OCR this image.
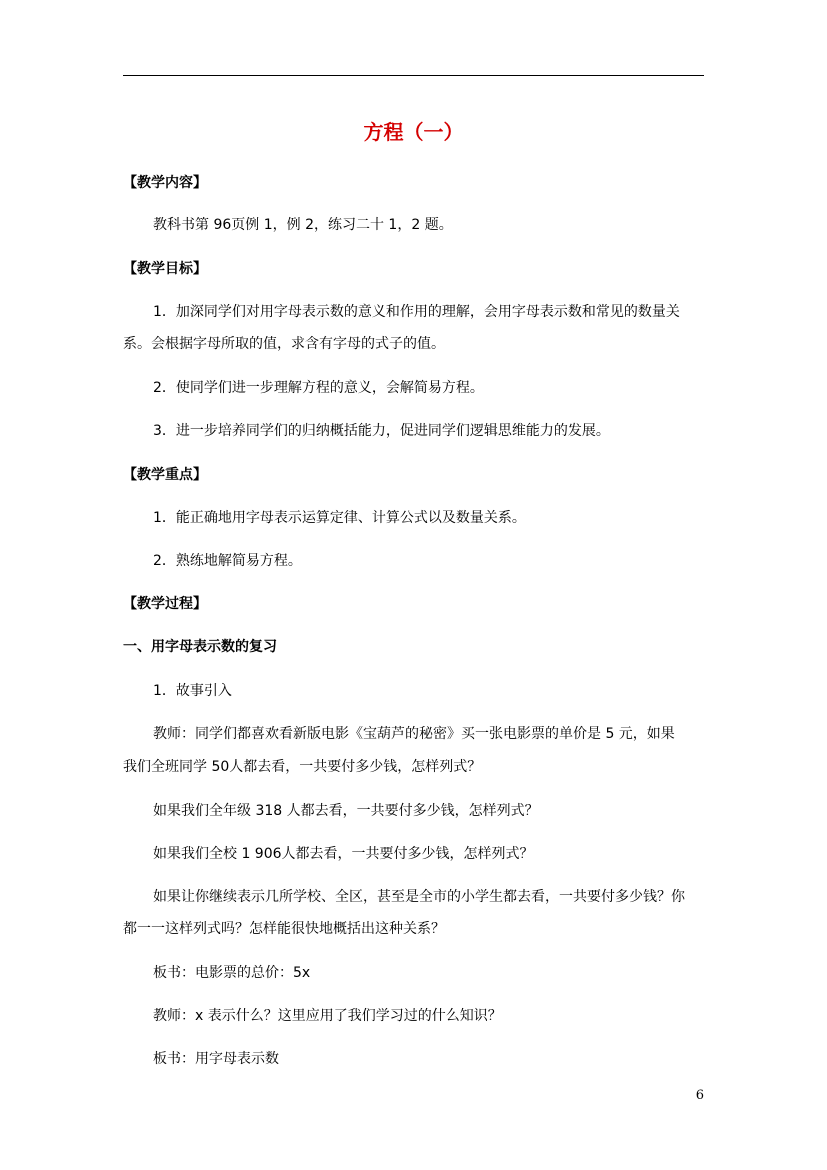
方程（一）
【教学内容】
教科书第 96页例 1，例 2，练习二十 1，2 题。
【教学目标】
1．加深同学们对用字母表示数的意义和作用的理解，会用字母表示数和常见的数量关
系。会根据字母所取的值，求含有字母的式子的值。
2．使同学们进一步理解方程的意义，会解简易方程。
3．进一步培养同学们的归纳概括能力，促进同学们逻辑思维能力的发展。
【教学重点】
1．能正确地用字母表示运算定律、计算公式以及数量关系。
2．熟练地解简易方程。
【教学过程】
一、用字母表示数的复习
1．故事引入
教师：同学们都喜欢看新版电影《宝葫芦的秘密》买一张电影票的单价是 5 元，如果
我们全班同学 50人都去看，一共要付多少钱，怎样列式？
如果我们全年级 318 人都去看，一共要付多少钱，怎样列式？
如果我们全校 1 906人都去看，一共要付多少钱，怎样列式？
如果让你继续表示几所学校、全区，甚至是全市的小学生都去看，一共要付多少钱？你
都一一这样列式吗？怎样能很快地概括出这种关系？
板书：电影票的总价：5x
教师：x 表示什么？这里应用了我们学习过的什么知识？
板书：用字母表示数
6
